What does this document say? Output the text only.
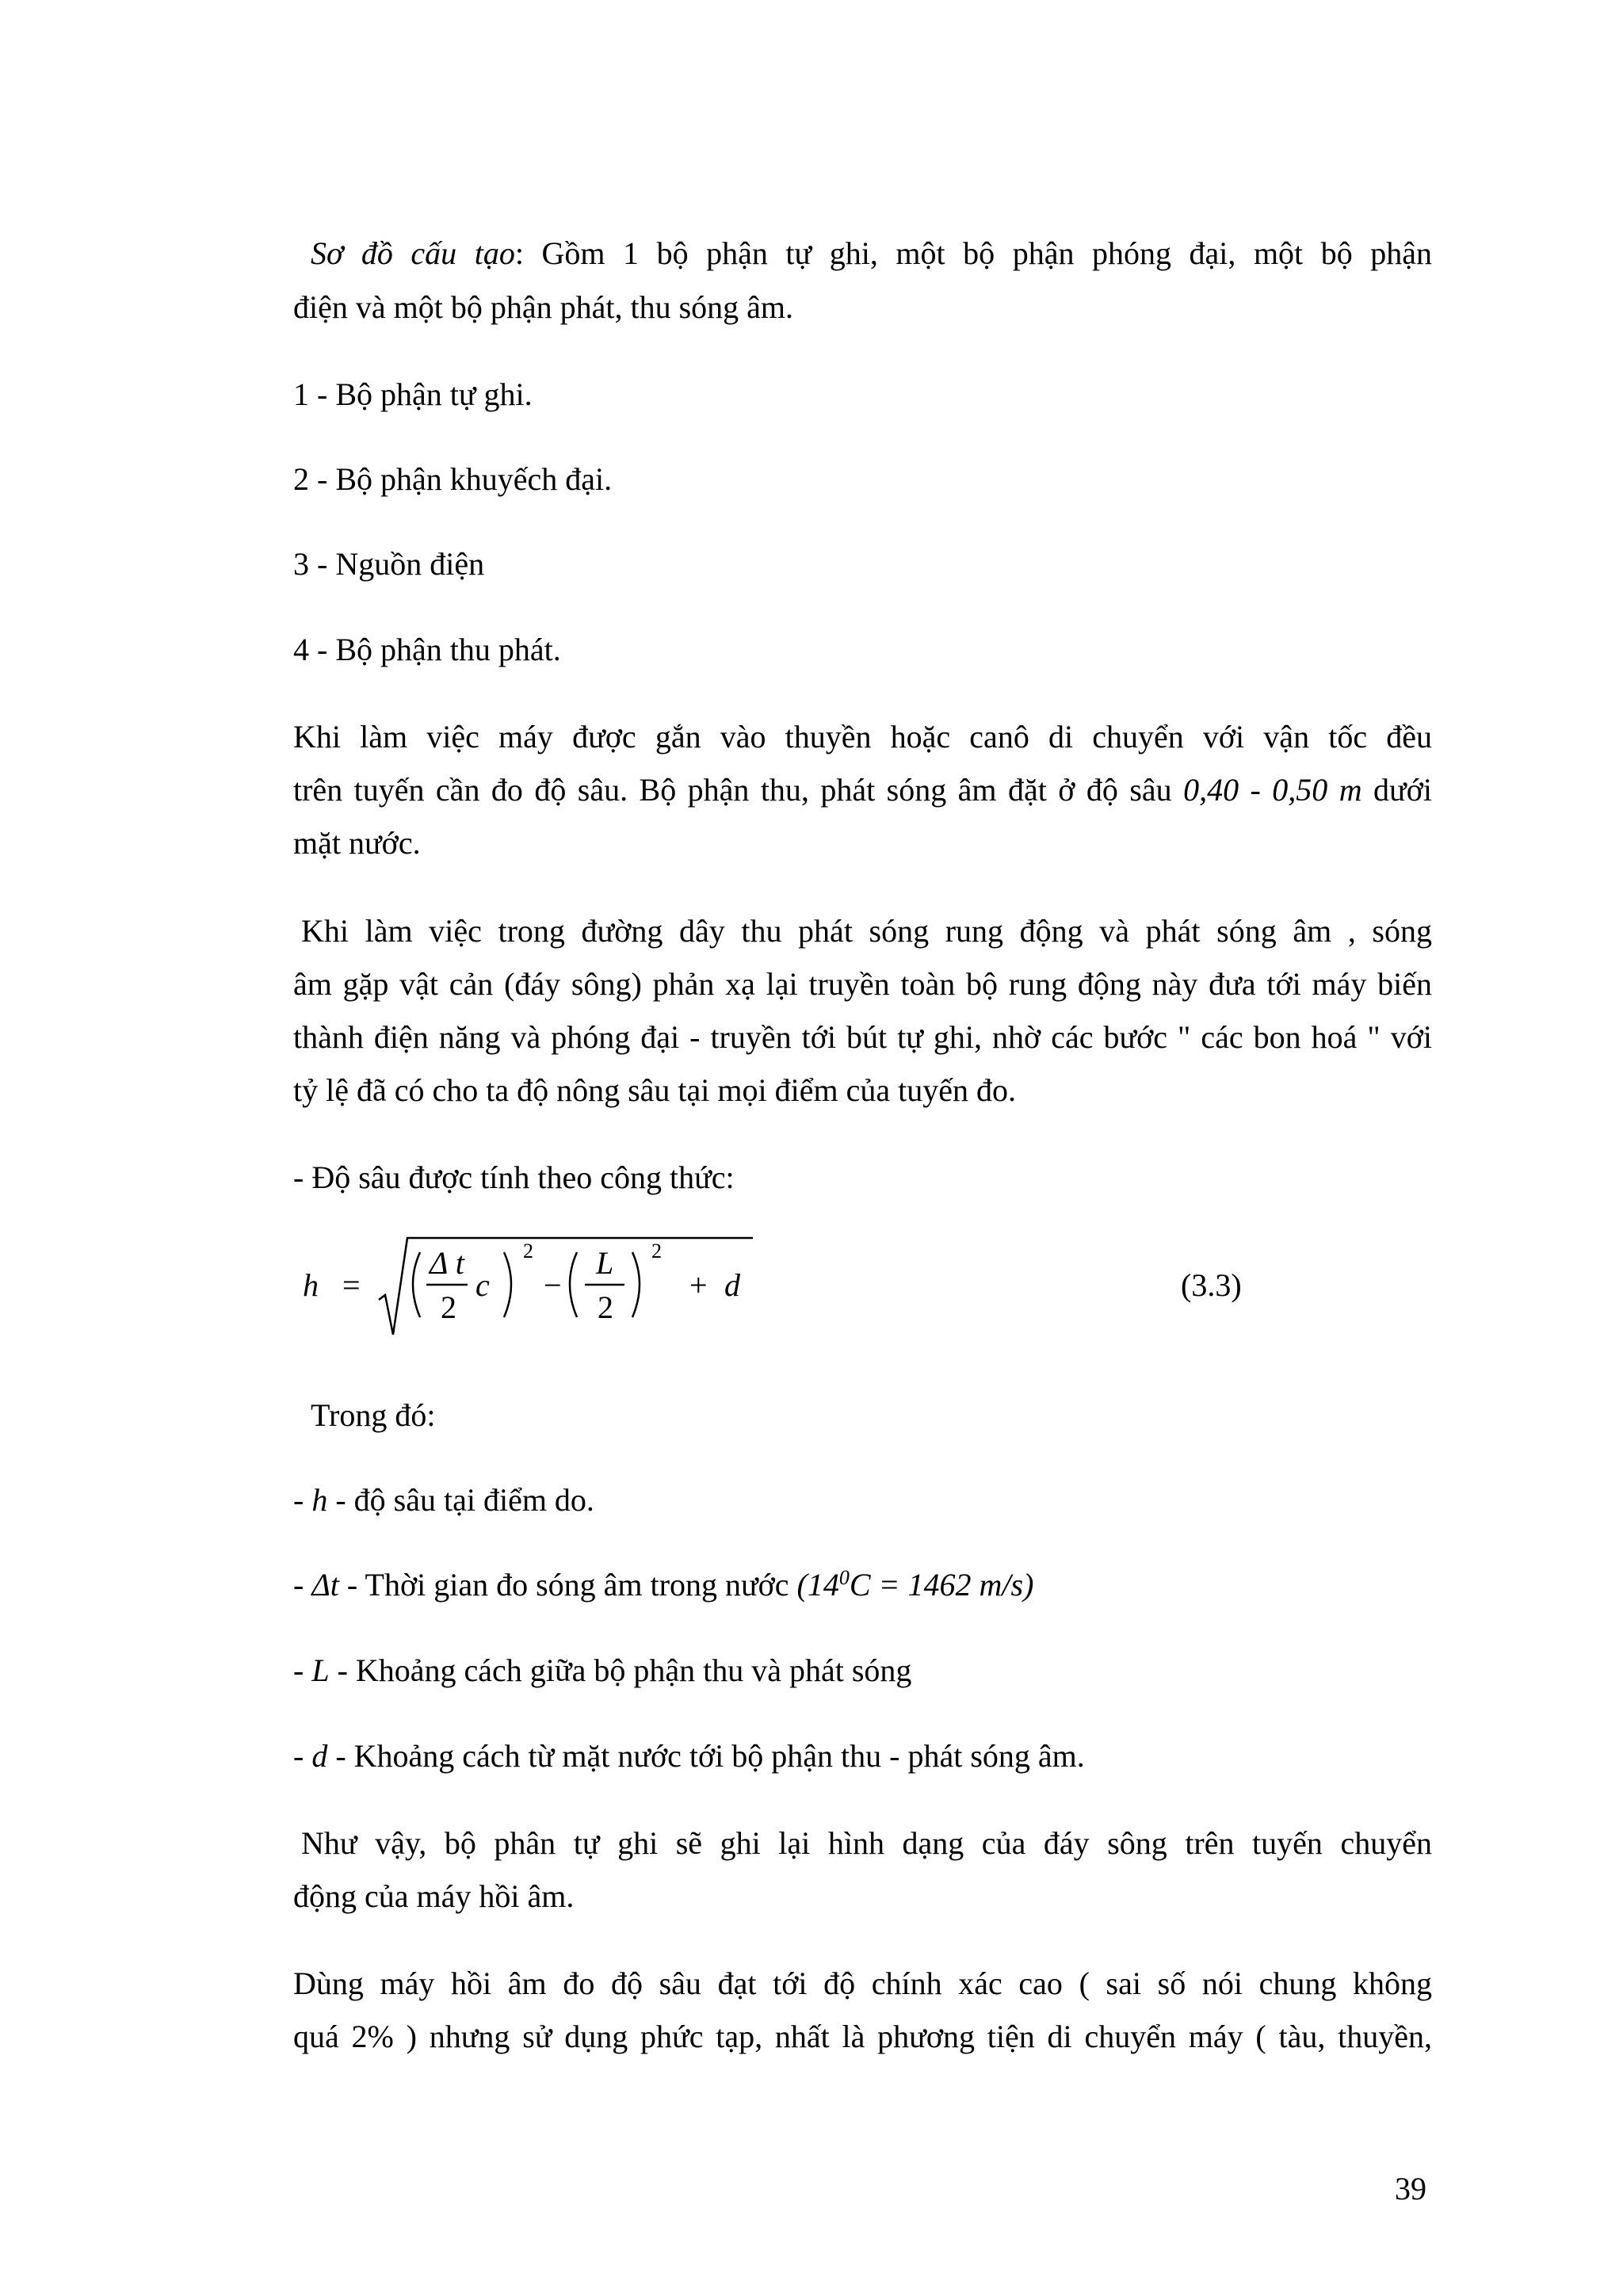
Sơ đồ cấu tạo: Gồm 1 bộ phận tự ghi, một bộ phận phóng đại, một bộ phận
điện và một bộ phận phát, thu sóng âm.
1 - Bộ phận tự ghi.
2 - Bộ phận khuyếch đại.
3 - Nguồn điện
4 - Bộ phận thu phát.
Khi làm việc máy được gắn vào thuyền hoặc canô di chuyển với vận tốc đều
trên tuyến cần đo độ sâu. Bộ phận thu, phát sóng âm đặt ở độ sâu 0,40 - 0,50 m dưới
mặt nước.
Khi làm việc trong đường dây thu phát sóng rung động và phát sóng âm , sóng
âm gặp vật cản (đáy sông) phản xạ lại truyền toàn bộ rung động này đưa tới máy biến
thành điện năng và phóng đại - truyền tới bút tự ghi, nhờ các bước " các bon hoá " với
tỷ lệ đã có cho ta độ nông sâu tại mọi điểm của tuyến đo.
- Độ sâu được tính theo công thức:
h =
Δ t
2
c
2
−
L
2
2
+ d	(3.3)
Trong đó:
- h - độ sâu tại điểm do.
- Δt - Thời gian đo sóng âm trong nước ($14^0C = 1462$ m/s)
- L - Khoảng cách giữa bộ phận thu và phát sóng
- d - Khoảng cách từ mặt nước tới bộ phận thu - phát sóng âm.
Như vậy, bộ phân tự ghi sẽ ghi lại hình dạng của đáy sông trên tuyến chuyển
động của máy hồi âm.
Dùng máy hồi âm đo độ sâu đạt tới độ chính xác cao ( sai số nói chung không
quá 2% ) nhưng sử dụng phức tạp, nhất là phương tiện di chuyển máy ( tàu, thuyền,
39
